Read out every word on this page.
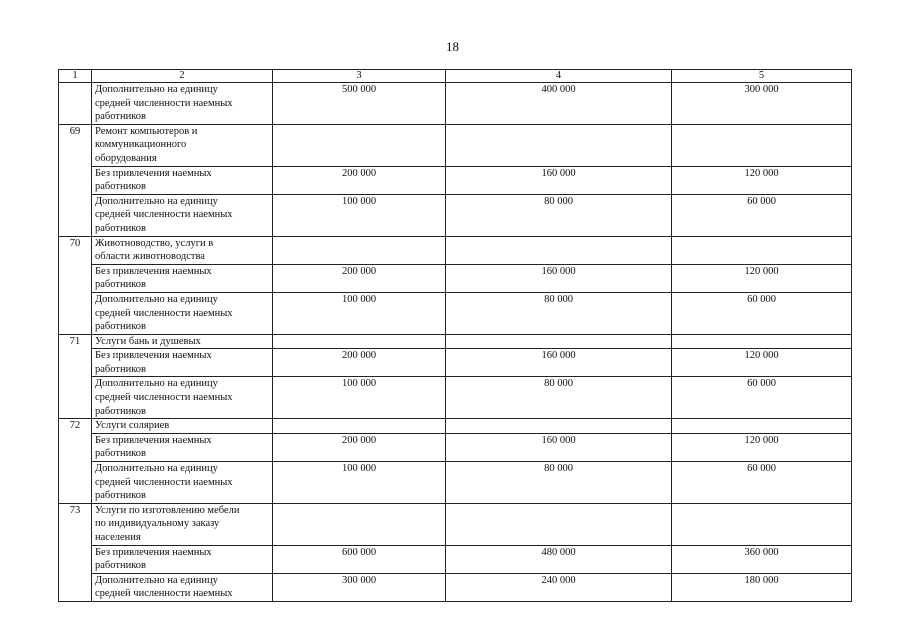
18
1	2	3	4	5
	Дополнительно на единицу
средней численности наемных
работников	500 000	400 000	300 000
69	Ремонт компьютеров и
коммуникационного
оборудования			
	Без привлечения наемных
работников	200 000	160 000	120 000
	Дополнительно на единицу
средней численности наемных
работников	100 000	80 000	60 000
70	Животноводство, услуги в
области животноводства			
	Без привлечения наемных
работников	200 000	160 000	120 000
	Дополнительно на единицу
средней численности наемных
работников	100 000	80 000	60 000
71	Услуги бань и душевых			
	Без привлечения наемных
работников	200 000	160 000	120 000
	Дополнительно на единицу
средней численности наемных
работников	100 000	80 000	60 000
72	Услуги соляриев			
	Без привлечения наемных
работников	200 000	160 000	120 000
	Дополнительно на единицу
средней численности наемных
работников	100 000	80 000	60 000
73	Услуги по изготовлению мебели
по индивидуальному заказу
населения			
	Без привлечения наемных
работников	600 000	480 000	360 000
	Дополнительно на единицу
средней численности наемных	300 000	240 000	180 000
